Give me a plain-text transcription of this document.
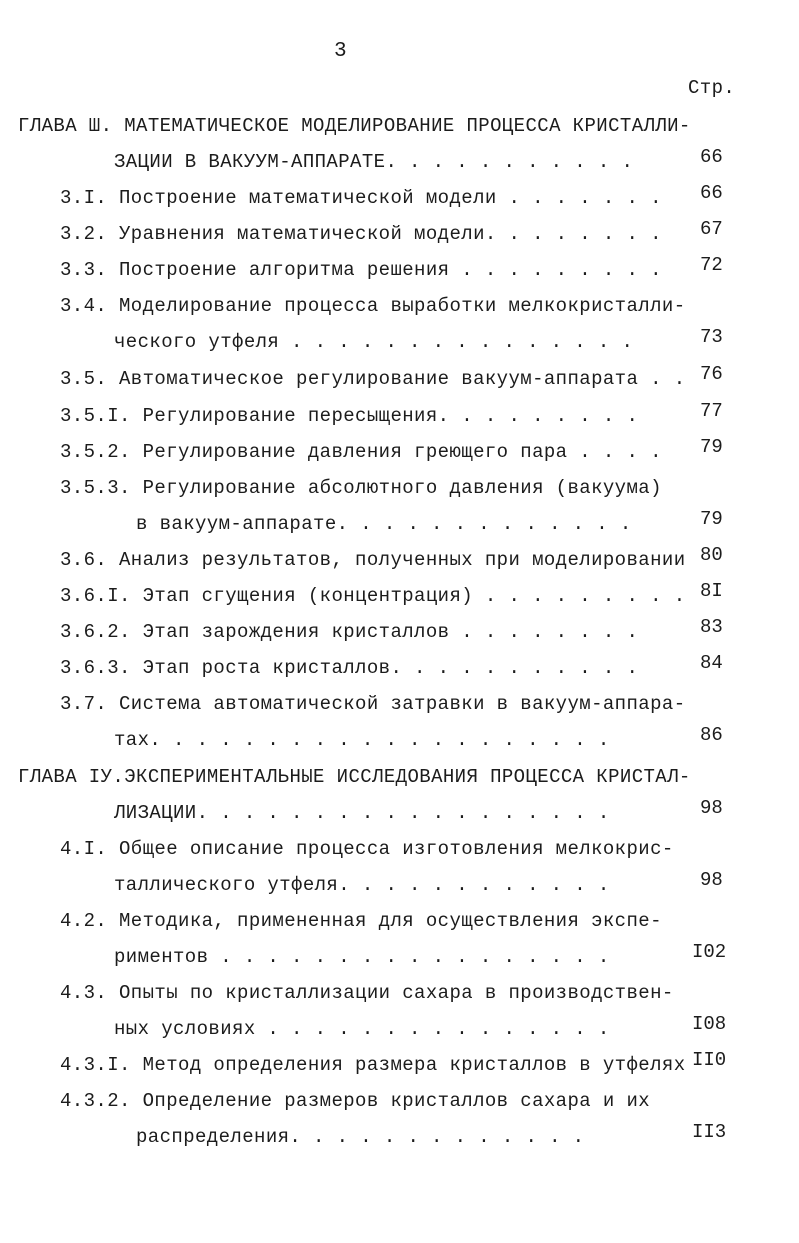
3
Стр.
ГЛАВА Ш. МАТЕМАТИЧЕСКОЕ МОДЕЛИРОВАНИЕ ПРОЦЕССА КРИСТАЛЛИ-
ЗАЦИИ В ВАКУУМ-АППАРАТЕ. . . . . . . . . . .	66
3.I. Построение математической модели . . . . . . . 66
3.2. Уравнения математической модели. . . . . . . . 67
3.3. Построение алгоритма решения . . . . . . . . . 72
3.4. Моделирование процесса выработки мелкокристалли-
ческого утфеля . . . . . . . . . . . . . . .	73
3.5. Автоматическое регулирование вакуум-аппарата . . 76
3.5.I. Регулирование пересыщения. . . . . . . . .	77
3.5.2. Регулирование давления греющего пара . . . . 79
3.5.3. Регулирование абсолютного давления (вакуума)
в вакуум-аппарате. . . . . . . . . . . . .	79
3.6. Анализ результатов, полученных при моделировании 80
3.6.I. Этап сгущения (концентрация) . . . . . . . . . 8I
3.6.2. Этап зарождения кристаллов . . . . . . . .	83
3.6.3. Этап роста кристаллов. . . . . . . . . . .	84
3.7. Система автоматической затравки в вакуум-аппара-
тах. . . . . . . . . . . . . . . . . . . .	86
ГЛАВА IУ.ЭКСПЕРИМЕНТАЛЬНЫЕ ИССЛЕДОВАНИЯ ПРОЦЕССА КРИСТАЛ-
ЛИЗАЦИИ. . . . . . . . . . . . . . . . . .	98
4.I. Общее описание процесса изготовления мелкокрис-
таллического утфеля. . . . . . . . . . . .	98
4.2. Методика, примененная для осуществления экспе-
риментов . . . . . . . . . . . . . . . . .	I02
4.3. Опыты по кристаллизации сахара в производствен-
ных условиях . . . . . . . . . . . . . . .	I08
4.3.I. Метод определения размера кристаллов в утфелях II0
4.3.2. Определение размеров кристаллов сахара и их
распределения. . . . . . . . . . . . .	II3
